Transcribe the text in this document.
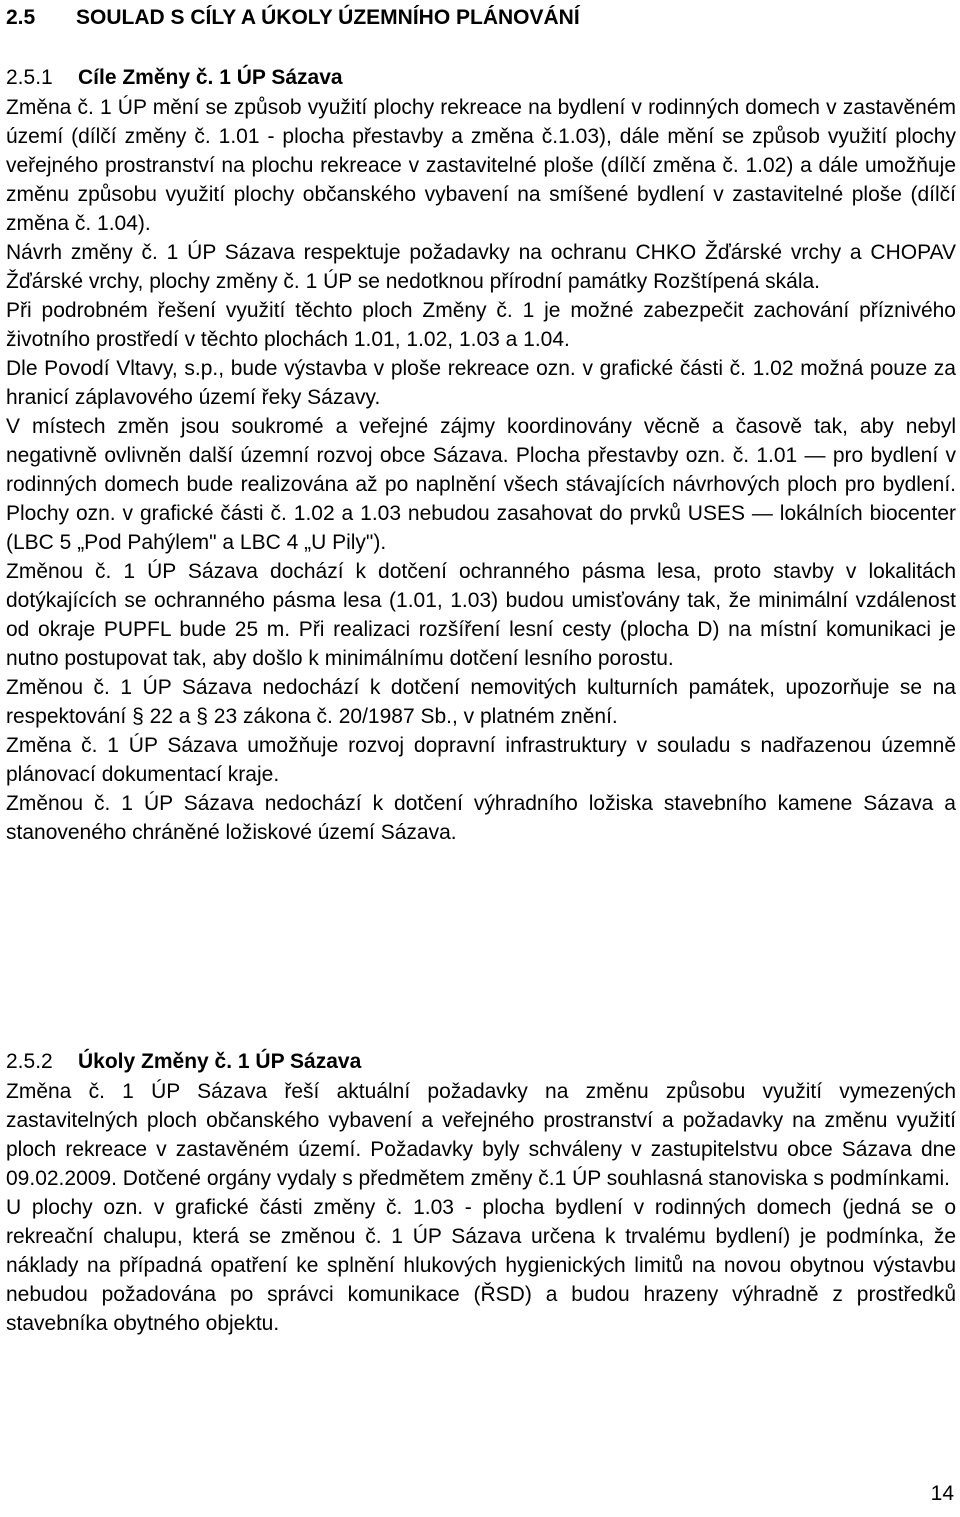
2.5 SOULAD S CÍLY A ÚKOLY ÚZEMNÍHO PLÁNOVÁNÍ
2.5.1 Cíle Změny č. 1 ÚP Sázava

Změna č. 1 ÚP mění se způsob využití plochy rekreace na bydlení v rodinných domech v zastavěném území (dílčí změny č. 1.01 - plocha přestavby a změna č.1.03), dále mění se způsob využití plochy veřejného prostranství na plochu rekreace v zastavitelné ploše (dílčí změna č. 1.02) a dále umožňuje změnu způsobu využití plochy občanského vybavení na smíšené bydlení v zastavitelné ploše (dílčí změna č. 1.04).

Návrh změny č. 1 ÚP Sázava respektuje požadavky na ochranu CHKO Žďárské vrchy a CHOPAV Žďárské vrchy, plochy změny č. 1 ÚP se nedotknou přírodní památky Rozštípená skála.

Při podrobném řešení využití těchto ploch Změny č. 1 je možné zabezpečit zachování příznivého životního prostředí v těchto plochách 1.01, 1.02, 1.03 a 1.04.

Dle Povodí Vltavy, s.p., bude výstavba v ploše rekreace ozn. v grafické části č. 1.02 možná pouze za hranicí záplavového území řeky Sázavy.

V místech změn jsou soukromé a veřejné zájmy koordinovány věcně a časově tak, aby nebyl negativně ovlivněn další územní rozvoj obce Sázava. Plocha přestavby ozn. č. 1.01 — pro bydlení v rodinných domech bude realizována až po naplnění všech stávajících návrhových ploch pro bydlení. Plochy ozn. v grafické části č. 1.02 a 1.03 nebudou zasahovat do prvků USES — lokálních biocenter (LBC 5 „Pod Pahýlem" a LBC 4 „U Pily").

Změnou č. 1 ÚP Sázava dochází k dotčení ochranného pásma lesa, proto stavby v lokalitách dotýkajících se ochranného pásma lesa (1.01, 1.03) budou umisťovány tak, že minimální vzdálenost od okraje PUPFL bude 25 m. Při realizaci rozšíření lesní cesty (plocha D) na místní komunikaci je nutno postupovat tak, aby došlo k minimálnímu dotčení lesního porostu.

Změnou č. 1 ÚP Sázava nedochází k dotčení nemovitých kulturních památek, upozorňuje se na respektování § 22 a § 23 zákona č. 20/1987 Sb., v platném znění.

Změna č. 1 ÚP Sázava umožňuje rozvoj dopravní infrastruktury v souladu s nadřazenou územně plánovací dokumentací kraje.

Změnou č. 1 ÚP Sázava nedochází k dotčení výhradního ložiska stavebního kamene Sázava a stanoveného chráněné ložiskové území Sázava.

2.5.2 Úkoly Změny č. 1 ÚP Sázava

Změna č. 1 ÚP Sázava řeší aktuální požadavky na změnu způsobu využití vymezených zastavitelných ploch občanského vybavení a veřejného prostranství a požadavky na změnu využití ploch rekreace v zastavěném území. Požadavky byly schváleny v zastupitelstvu obce Sázava dne 09.02.2009. Dotčené orgány vydaly s předmětem změny č.1 ÚP souhlasná stanoviska s podmínkami.

U plochy ozn. v grafické části změny č. 1.03 - plocha bydlení v rodinných domech (jedná se o rekreační chalupu, která se změnou č. 1 ÚP Sázava určena k trvalému bydlení) je podmínka, že náklady na případná opatření ke splnění hlukových hygienických limitů na novou obytnou výstavbu nebudou požadována po správci komunikace (ŘSD) a budou hrazeny výhradně z prostředků stavebníka obytného objektu.

14
